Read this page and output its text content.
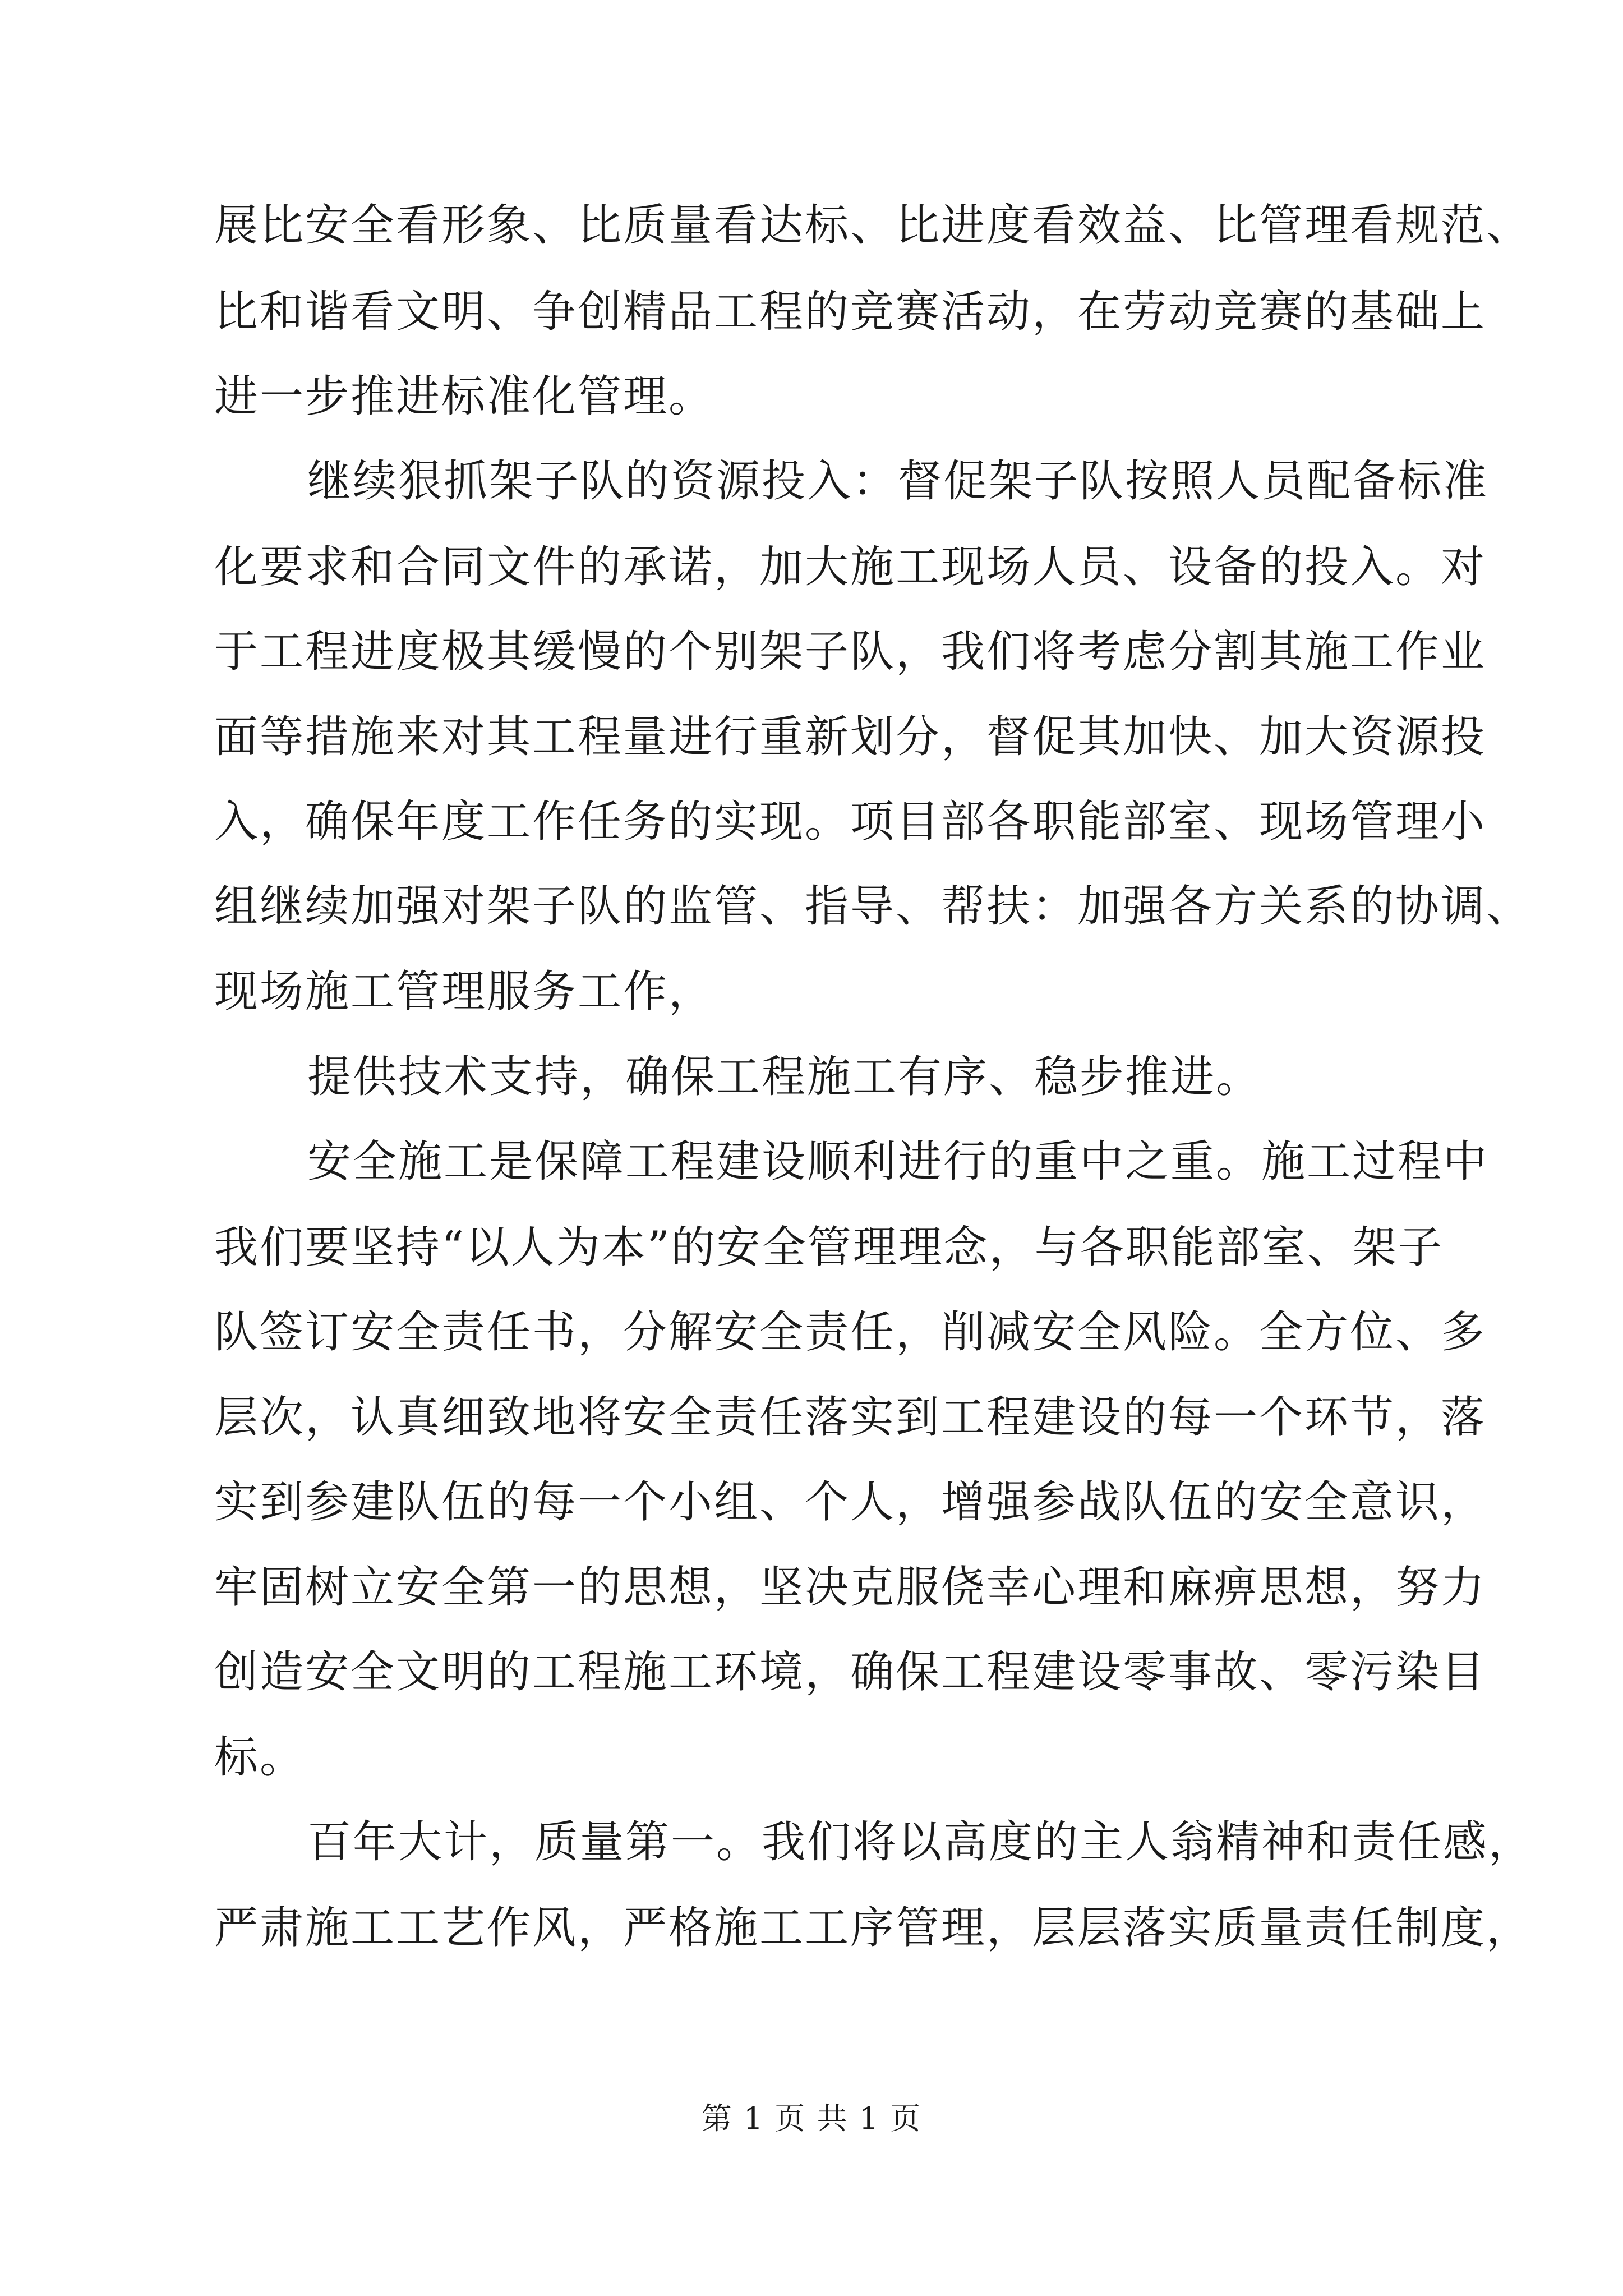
展比安全看形象、比质量看达标、比进度看效益、比管理看规范、
比和谐看文明、争创精品工程的竞赛活动，在劳动竞赛的基础上
进一步推进标准化管理。
继续狠抓架子队的资源投入：督促架子队按照人员配备标准
化要求和合同文件的承诺，加大施工现场人员、设备的投入。对
于工程进度极其缓慢的个别架子队，我们将考虑分割其施工作业
面等措施来对其工程量进行重新划分，督促其加快、加大资源投
入，确保年度工作任务的实现。项目部各职能部室、现场管理小
组继续加强对架子队的监管、指导、帮扶：加强各方关系的协调、
现场施工管理服务工作，
提供技术支持，确保工程施工有序、稳步推进。
安全施工是保障工程建设顺利进行的重中之重。施工过程中
我们要坚持“以人为本”的安全管理理念，与各职能部室、架子
队签订安全责任书，分解安全责任，削减安全风险。全方位、多
层次，认真细致地将安全责任落实到工程建设的每一个环节，落
实到参建队伍的每一个小组、个人，增强参战队伍的安全意识，
牢固树立安全第一的思想，坚决克服侥幸心理和麻痹思想，努力
创造安全文明的工程施工环境，确保工程建设零事故、零污染目
标。
百年大计，质量第一。我们将以高度的主人翁精神和责任感，
严肃施工工艺作风，严格施工工序管理，层层落实质量责任制度，
第 1 页 共 1 页
